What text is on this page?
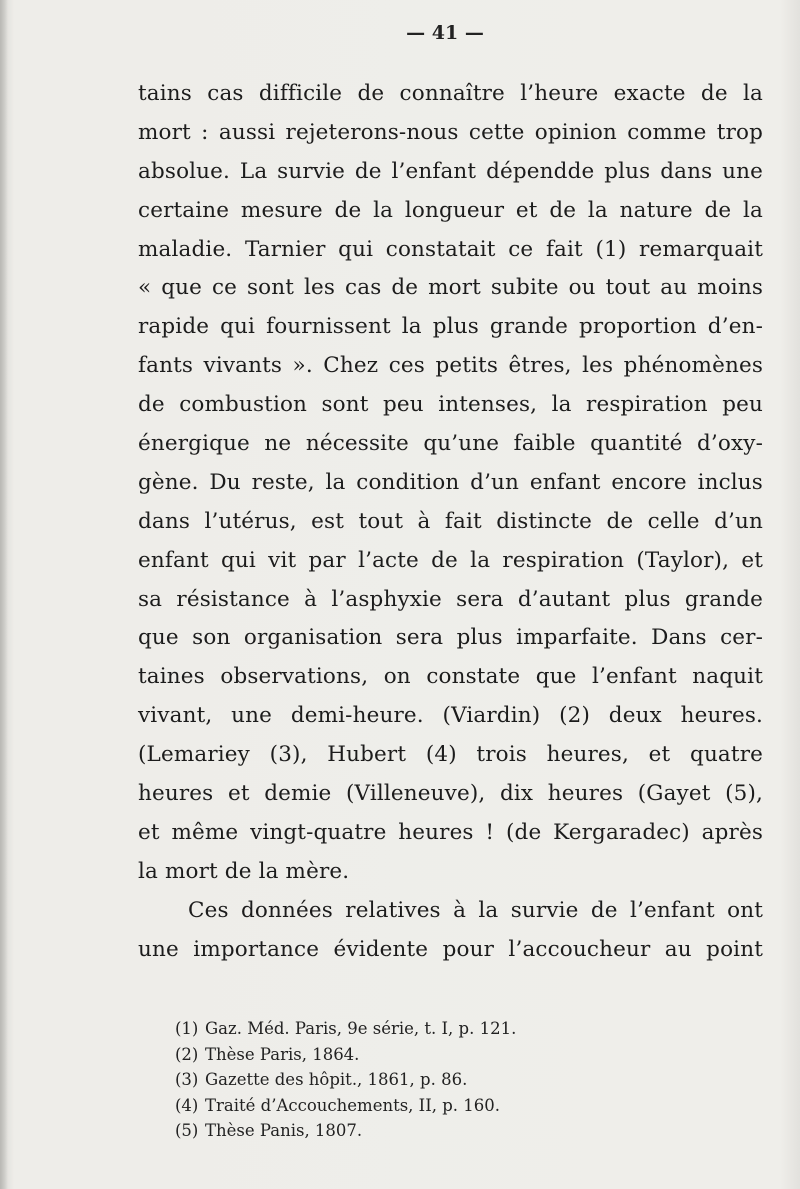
— 41 —
tains cas difficile de connaître l’heure exacte de la
mort : aussi rejeterons-nous cette opinion comme trop
absolue. La survie de l’enfant dépendde plus dans une
certaine mesure de la longueur et de la nature de la
maladie. Tarnier qui constatait ce fait (1) remarquait
« que ce sont les cas de mort subite ou tout au moins
rapide qui fournissent la plus grande proportion d’en-
fants vivants ». Chez ces petits êtres, les phénomènes
de combustion sont peu intenses, la respiration peu
énergique ne nécessite qu’une faible quantité d’oxy-
gène. Du reste, la condition d’un enfant encore inclus
dans l’utérus, est tout à fait distincte de celle d’un
enfant qui vit par l’acte de la respiration (Taylor), et
sa résistance à l’asphyxie sera d’autant plus grande
que son organisation sera plus imparfaite. Dans cer-
taines observations, on constate que l’enfant naquit
vivant, une demi-heure. (Viardin) (2) deux heures.
(Lemariey (3), Hubert (4) trois heures, et quatre
heures et demie (Villeneuve), dix heures (Gayet (5),
et même vingt-quatre heures ! (de Kergaradec) après
la mort de la mère.
Ces données relatives à la survie de l’enfant ont
une importance évidente pour l’accoucheur au point
(1) Gaz. Méd. Paris, 9e série, t. I, p. 121.
(2) Thèse Paris, 1864.
(3) Gazette des hôpit., 1861, p. 86.
(4) Traité d’Accouchements, II, p. 160.
(5) Thèse Panis, 1807.
